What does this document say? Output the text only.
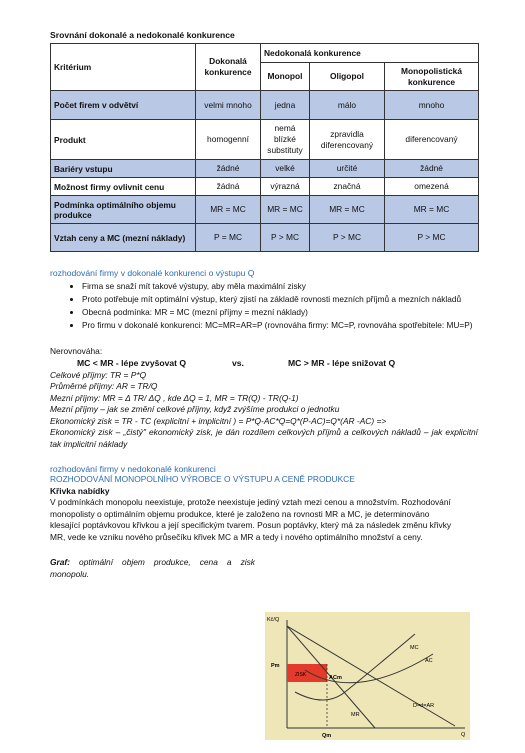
Srovnání dokonalé a nedokonalé konkurence

Kritérium	Dokonalá konkurence	Nedokonalá konkurence		
		Monopol	Oligopol	Monopolistická konkurence
Počet firem v odvětví	velmi mnoho	jedna	málo	mnoho
Produkt	homogenní	nemá blízké substituty	zpravidla diferencovaný	diferencovaný
Bariéry vstupu	žádné	velké	určité	žádné
Možnost firmy ovlivnit cenu	žádná	výrazná	značná	omezená
Podmínka optimálního objemu produkce	MR = MC	MR = MC	MR = MC	MR = MC
Vztah ceny a MC (mezní náklady)	P = MC	P > MC	P > MC	P > MC

rozhodování firmy v dokonalé konkurenci o výstupu Q

• Firma se snaží mít takové výstupy, aby měla maximální zisky
• Proto potřebuje mít optimální výstup, který zjistí na základě rovnosti mezních příjmů a mezních nákladů
• Obecná podmínka: MR = MC (mezní příjmy = mezní náklady)
• Pro firmu v dokonalé konkurenci: MC=MR=AR=P (rovnováha firmy: MC=P, rovnováha spotřebitele: MU=P)

Nerovnováha:

MC < MR - lépe zvyšovat Q	vs.	MC > MR - lépe snižovat Q

Celkové příjmy: TR = P*Q

Průměrné příjmy: AR = TR/Q

Mezní příjmy: MR = Δ TR/ ΔQ , kde ΔQ = 1, MR = TR(Q) - TR(Q-1)

Mezní příjmy – jak se změní celkové příjmy, když zvýšíme produkci o jednotku

Ekonomický zisk = TR - TC (explicitní + implicitní ) = P*Q-AC*Q=Q*(P-AC)=Q*(AR -AC) =>

Ekonomický zisk – „čistý" ekonomický zisk, je dán rozdílem celkových příjmů a celkových nákladů – jak explicitní tak implicitní náklady

rozhodování firmy v nedokonalé konkurenci

ROZHODOVÁNÍ MONOPOLNÍHO VÝROBCE O VÝSTUPU A CENĚ PRODUKCE

Křivka nabídky

V podmínkách monopolu neexistuje, protože neexistuje jediný vztah mezi cenou a množstvím. Rozhodování monopolisty o optimálním objemu produkce, které je založeno na rovnosti MR a MC, je determinováno klesající poptávkovou křivkou a její specifickým tvarem. Posun poptávky, který má za následek změnu křivky MR, vede ke vzniku nového průsečíku křivek MC a MR a tedy i nového optimálního množství a ceny.

Graf: optimální objem produkce, cena a zisk monopolu.

Kč/Q
Q
Pm
ZISK	ACm
MC
AC
D=d=AR
MR
Qm
